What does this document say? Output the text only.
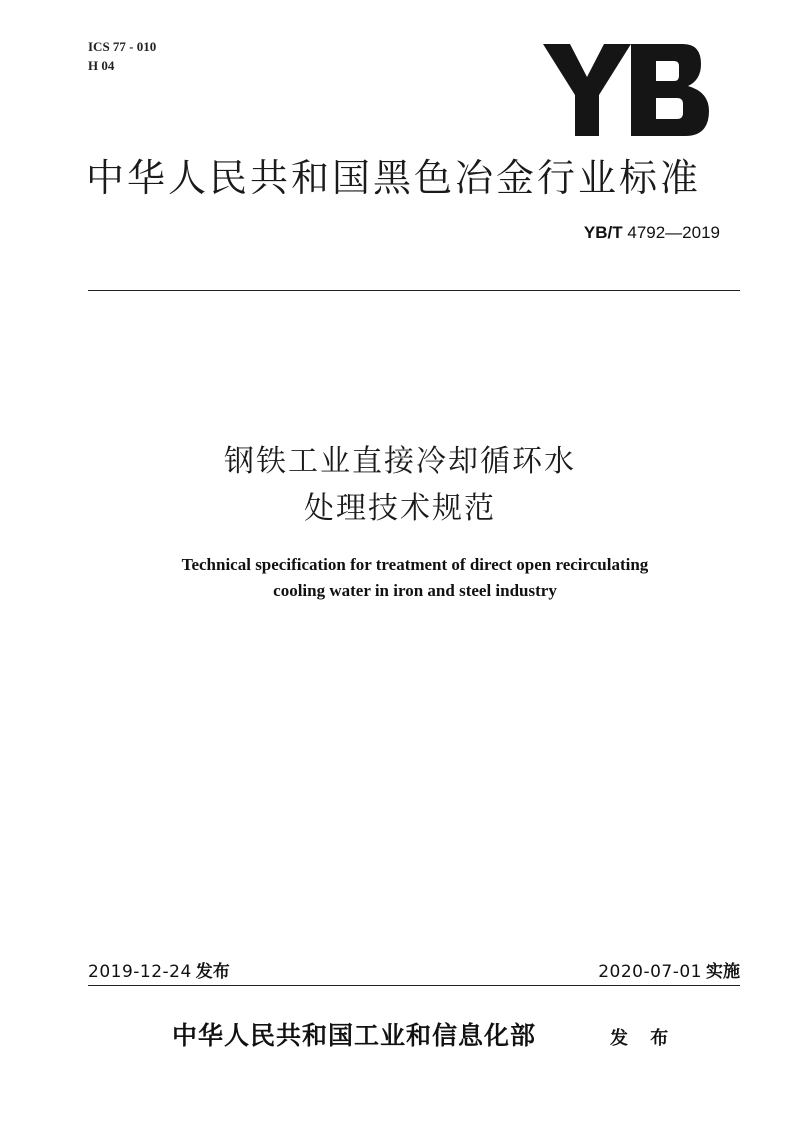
ICS 77 - 010
H 04
中华人民共和国黑色冶金行业标准
YB/T 4792—2019
钢铁工业直接冷却循环水
处理技术规范
Technical specification for treatment of direct open recirculating
cooling water in iron and steel industry
2019-12-24 发布	2020-07-01 实施
中华人民共和国工业和信息化部	发 布
